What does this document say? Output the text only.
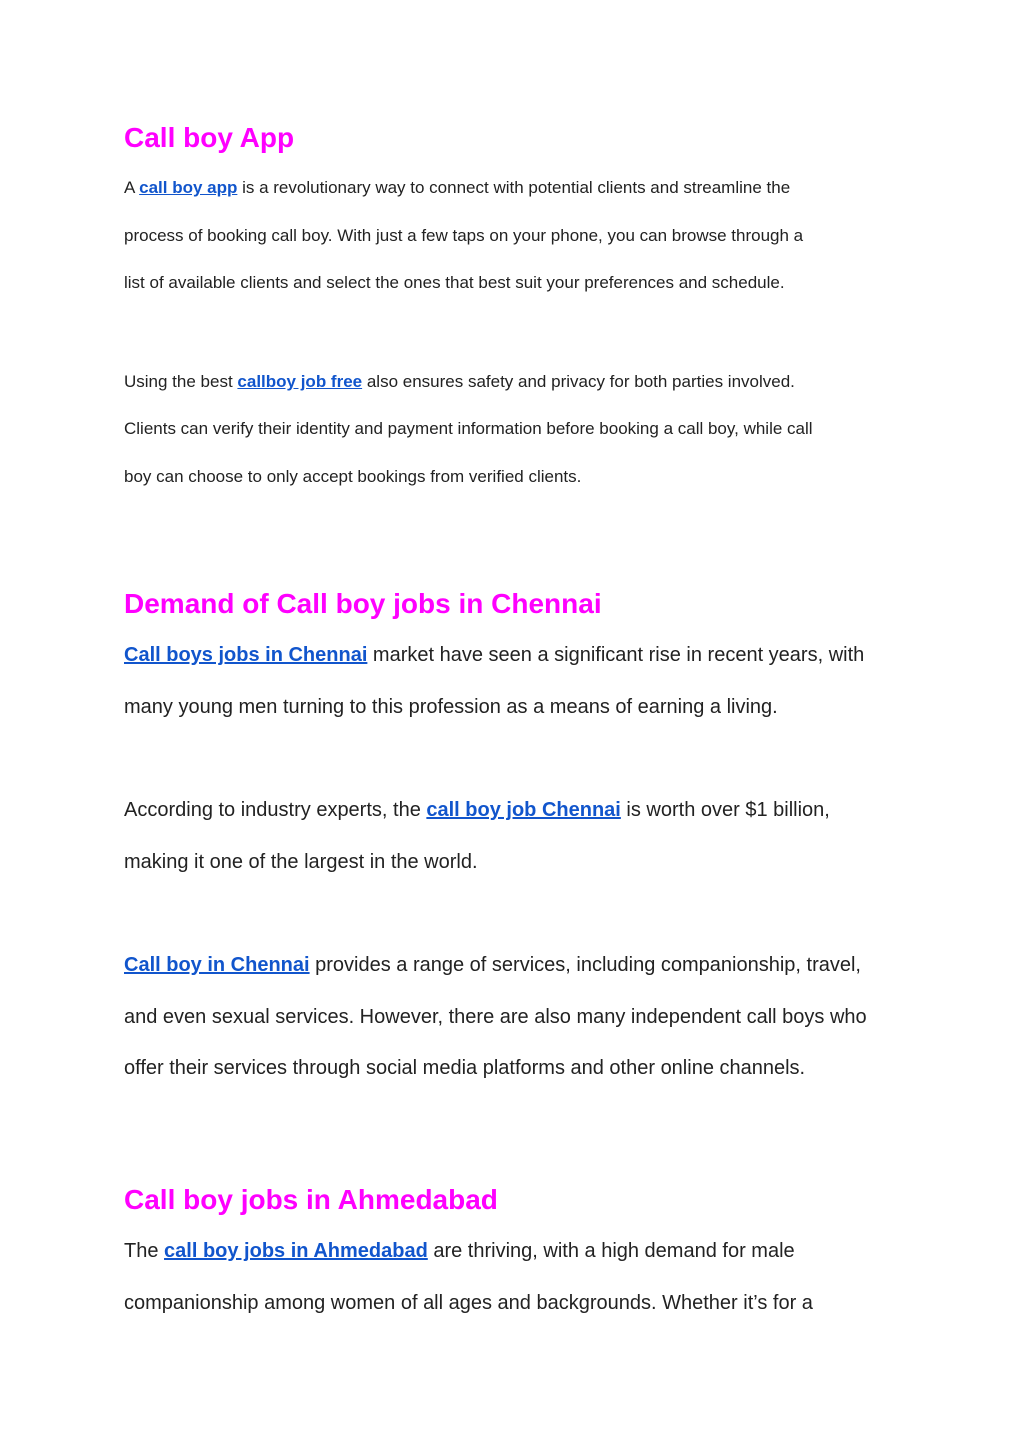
Call boy App

A call boy app is a revolutionary way to connect with potential clients and streamline the

process of booking call boy. With just a few taps on your phone, you can browse through a

list of available clients and select the ones that best suit your preferences and schedule.

Using the best callboy job free also ensures safety and privacy for both parties involved.

Clients can verify their identity and payment information before booking a call boy, while call

boy can choose to only accept bookings from verified clients.

Demand of Call boy jobs in Chennai

Call boys jobs in Chennai market have seen a significant rise in recent years, with

many young men turning to this profession as a means of earning a living.

According to industry experts, the call boy job Chennai is worth over $1 billion,

making it one of the largest in the world.

Call boy in Chennai provides a range of services, including companionship, travel,

and even sexual services. However, there are also many independent call boys who

offer their services through social media platforms and other online channels.

Call boy jobs in Ahmedabad

The call boy jobs in Ahmedabad are thriving, with a high demand for male

companionship among women of all ages and backgrounds. Whether it’s for a
